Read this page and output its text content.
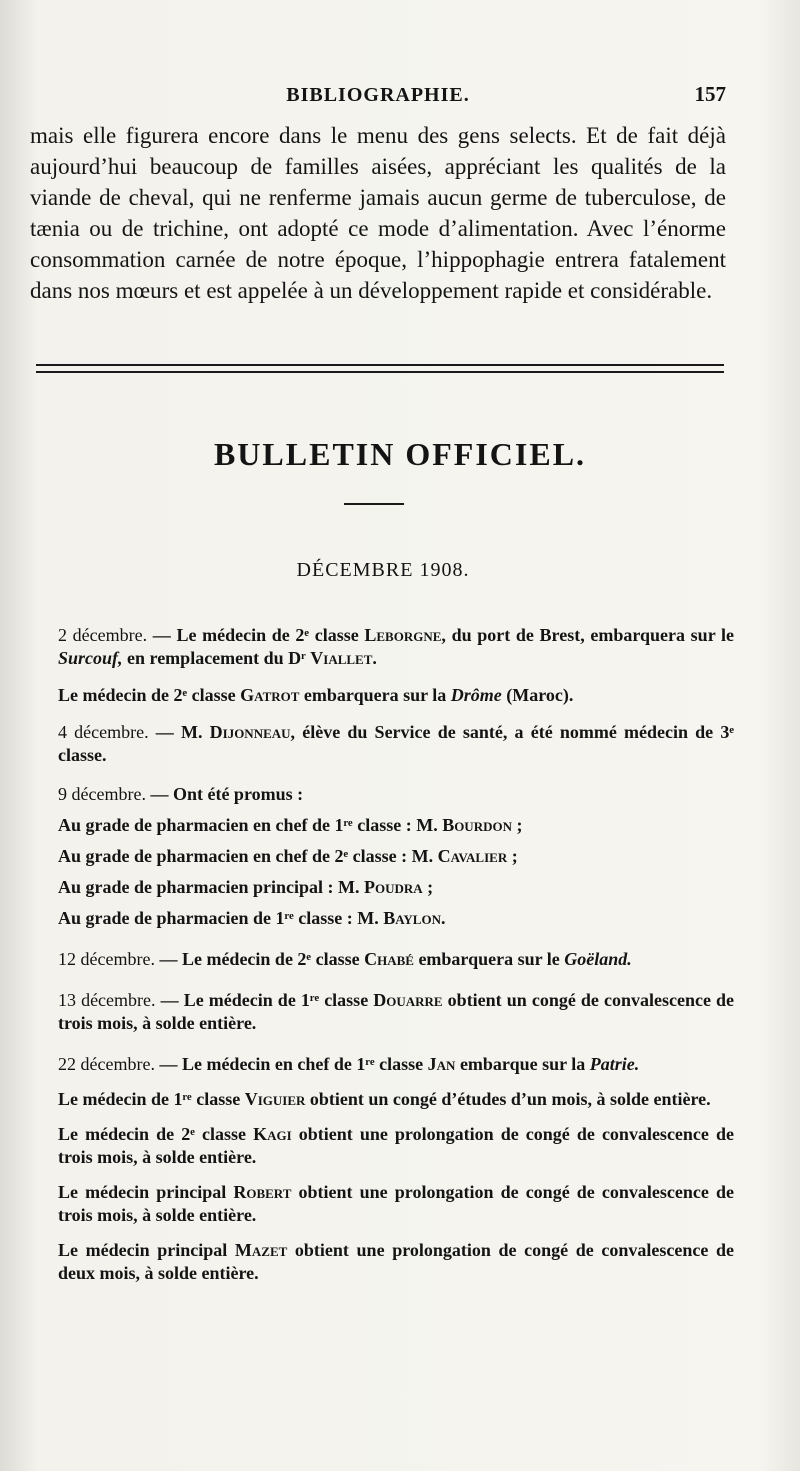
BIBLIOGRAPHIE.	157

mais elle figurera encore dans le menu des gens selects. Et de fait déjà aujourd’hui beaucoup de familles aisées, appréciant les qualités de la viande de cheval, qui ne renferme jamais aucun germe de tuberculose, de tænia ou de trichine, ont adopté ce mode d’alimentation. Avec l’énorme consommation carnée de notre époque, l’hippophagie entrera fatalement dans nos mœurs et est appelée à un développement rapide et considérable.

BULLETIN OFFICIEL.
DÉCEMBRE 1908.

2 décembre. — Le médecin de 2ᵉ classe Leborgne, du port de Brest, embarquera sur le Surcouf, en remplacement du Dʳ Viallet.

Le médecin de 2ᵉ classe Gatrot embarquera sur la Drôme (Maroc).

4 décembre. — M. Dijonneau, élève du Service de santé, a été nommé médecin de 3ᵉ classe.

9 décembre. — Ont été promus :

Au grade de pharmacien en chef de 1ʳᵉ classe : M. Bourdon ;

Au grade de pharmacien en chef de 2ᵉ classe : M. Cavalier ;

Au grade de pharmacien principal : M. Poudra ;

Au grade de pharmacien de 1ʳᵉ classe : M. Baylon.

12 décembre. — Le médecin de 2ᵉ classe Chabé embarquera sur le Goëland.

13 décembre. — Le médecin de 1ʳᵉ classe Douarre obtient un congé de convalescence de trois mois, à solde entière.

22 décembre. — Le médecin en chef de 1ʳᵉ classe Jan embarque sur la Patrie.

Le médecin de 1ʳᵉ classe Viguier obtient un congé d’études d’un mois, à solde entière.

Le médecin de 2ᵉ classe Kagi obtient une prolongation de congé de convalescence de trois mois, à solde entière.

Le médecin principal Robert obtient une prolongation de congé de convalescence de trois mois, à solde entière.

Le médecin principal Mazet obtient une prolongation de congé de convalescence de deux mois, à solde entière.
